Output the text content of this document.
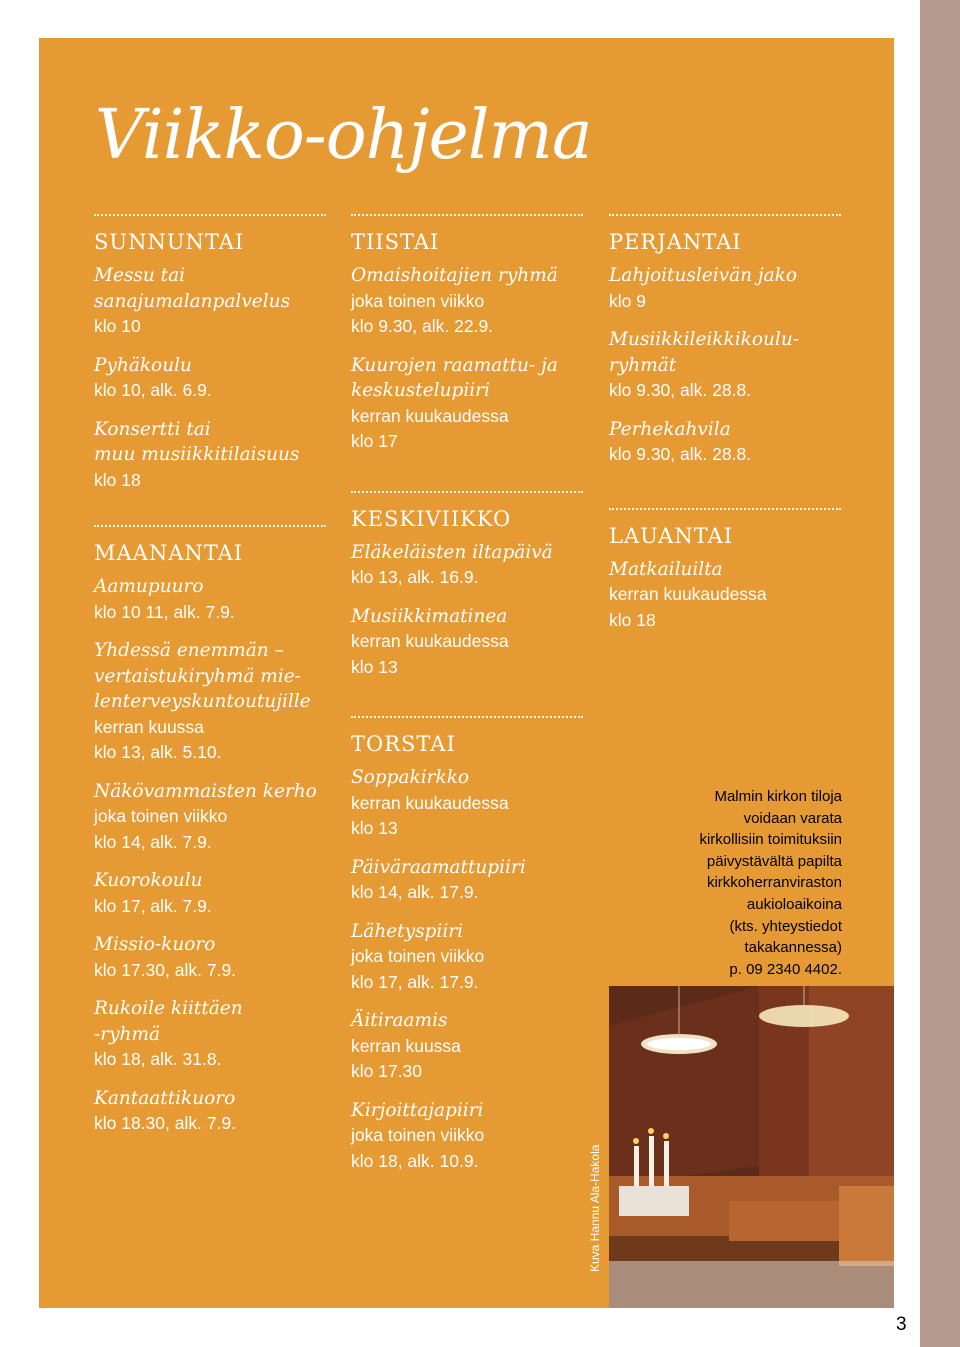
Viikko-ohjelma
SUNNUNTAI
Messu tai
sanajumalanpalvelus
klo 10
Pyhäkoulu
klo 10, alk. 6.9.
Konsertti tai
muu musiikkitilaisuus
klo 18
MAANANTAI
Aamupuuro
klo 10 11, alk. 7.9.
Yhdessä enemmän –
vertaistukiryhmä mie-
lenterveyskuntoutujille
kerran kuussa
klo 13, alk. 5.10.
Näkövammaisten kerho
joka toinen viikko
klo 14, alk. 7.9.
Kuorokoulu
klo 17, alk. 7.9.
Missio-kuoro
klo 17.30, alk. 7.9.
Rukoile kiittäen
-ryhmä
klo 18, alk. 31.8.
Kantaattikuoro
klo 18.30, alk. 7.9.
TIISTAI
Omaishoitajien ryhmä
joka toinen viikko
klo 9.30, alk. 22.9.
Kuurojen raamattu- ja
keskustelupiiri
kerran kuukaudessa
klo 17
KESKIVIIKKO
Eläkeläisten iltapäivä
klo 13, alk. 16.9.
Musiikkimatinea
kerran kuukaudessa
klo 13
TORSTAI
Soppakirkko
kerran kuukaudessa
klo 13
Päiväraamattupiiri
klo 14, alk. 17.9.
Lähetyspiiri
joka toinen viikko
klo 17, alk. 17.9.
Äitiraamis
kerran kuussa
klo 17.30
Kirjoittajapiiri
joka toinen viikko
klo 18, alk. 10.9.
PERJANTAI
Lahjoitusleivän jako
klo 9
Musiikkileikkikoulu-
ryhmät
klo 9.30, alk. 28.8.
Perhekahvila
klo 9.30, alk. 28.8.
LAUANTAI
Matkailuilta
kerran kuukaudessa
klo 18
Malmin kirkon tiloja
voidaan varata
kirkollisiin toimituksiin
päivystävältä papilta
kirkkoherranviraston
aukioloaikoina
(kts. yhteystiedot
takakannessa)
p. 09 2340 4402.
Kuva Hannu Ala-Hakola
3
